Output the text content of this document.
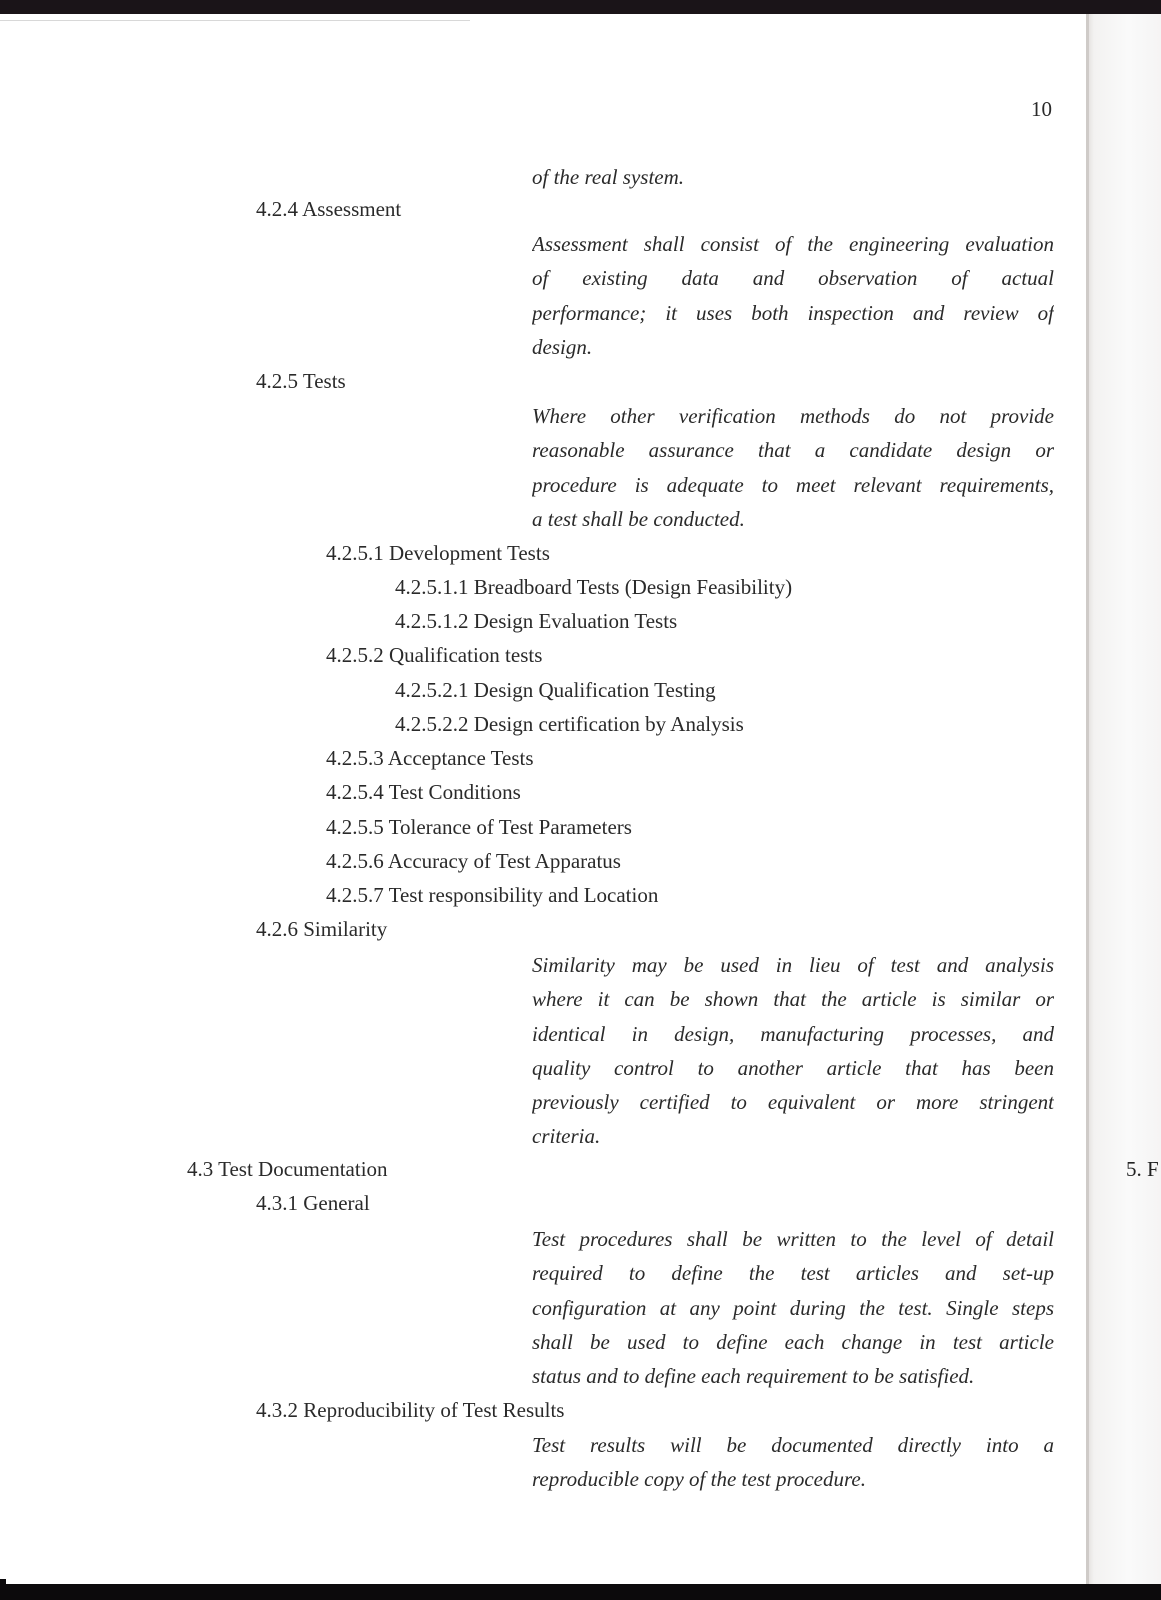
10
of the real system.
4.2.4 Assessment
Assessment shall consist of the engineering evaluation
of existing data and observation of actual
performance; it uses both inspection and review of
design.
4.2.5 Tests
Where other verification methods do not provide
reasonable assurance that a candidate design or
procedure is adequate to meet relevant requirements,
a test shall be conducted.
4.2.5.1 Development Tests
4.2.5.1.1 Breadboard Tests (Design Feasibility)
4.2.5.1.2 Design Evaluation Tests
4.2.5.2 Qualification tests
4.2.5.2.1 Design Qualification Testing
4.2.5.2.2 Design certification by Analysis
4.2.5.3 Acceptance Tests
4.2.5.4 Test Conditions
4.2.5.5 Tolerance of Test Parameters
4.2.5.6 Accuracy of Test Apparatus
4.2.5.7 Test responsibility and Location
4.2.6 Similarity
Similarity may be used in lieu of test and analysis
where it can be shown that the article is similar or
identical in design, manufacturing processes, and
quality control to another article that has been
previously certified to equivalent or more stringent
criteria.
4.3 Test Documentation	5. F
4.3.1 General
Test procedures shall be written to the level of detail
required to define the test articles and set-up
configuration at any point during the test. Single steps
shall be used to define each change in test article
status and to define each requirement to be satisfied.
4.3.2 Reproducibility of Test Results
Test results will be documented directly into a
reproducible copy of the test procedure.
